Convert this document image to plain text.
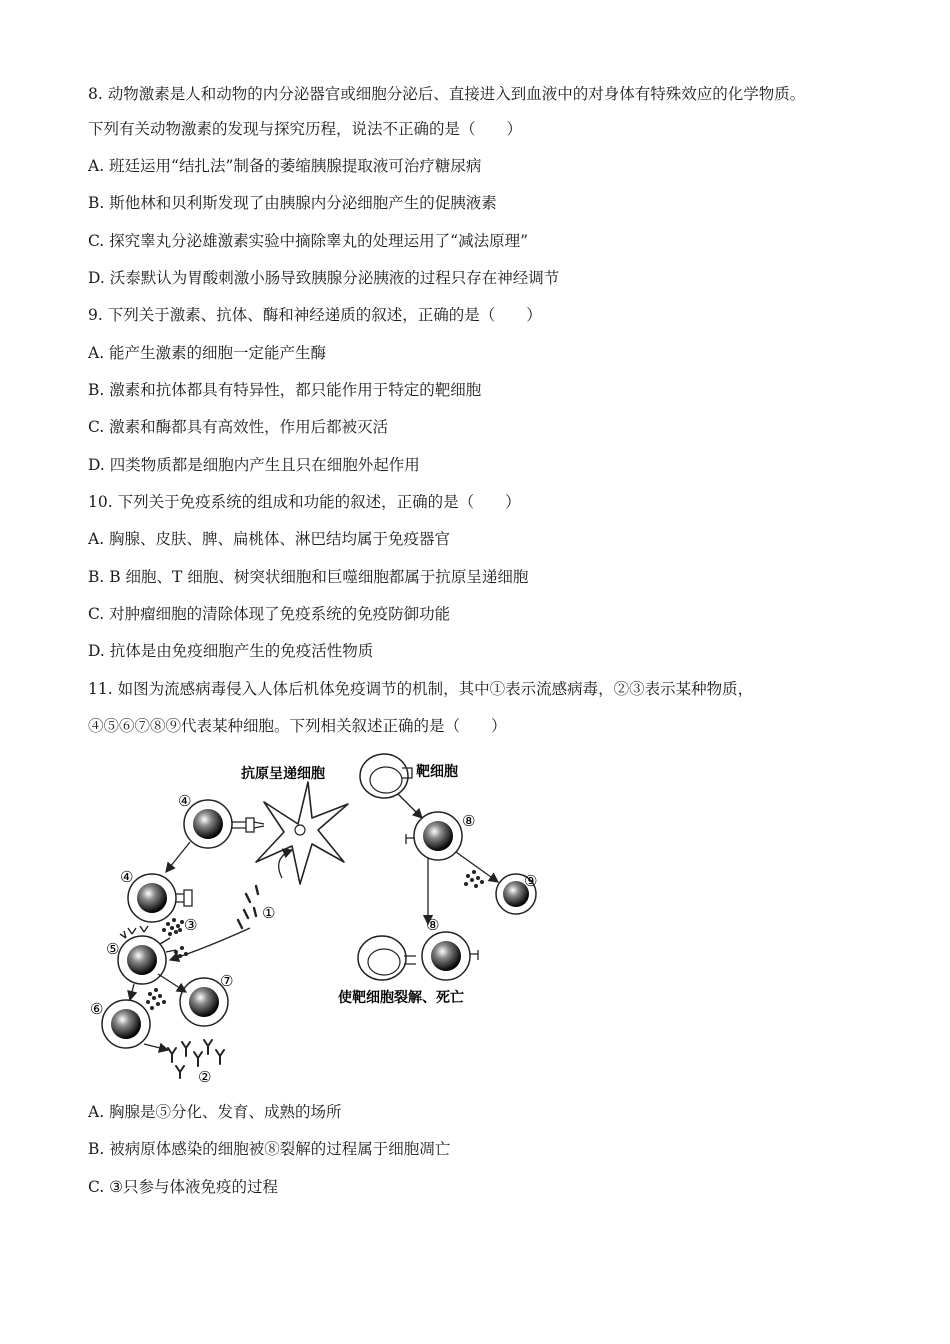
8. 动物激素是人和动物的内分泌器官或细胞分泌后、直接进入到血液中的对身体有特殊效应的化学物质。
下列有关动物激素的发现与探究历程，说法不正确的是（　　）
A. 班廷运用“结扎法”制备的萎缩胰腺提取液可治疗糖尿病
B. 斯他林和贝利斯发现了由胰腺内分泌细胞产生的促胰液素
C. 探究睾丸分泌雄激素实验中摘除睾丸的处理运用了“减法原理”
D. 沃泰默认为胃酸刺激小肠导致胰腺分泌胰液的过程只存在神经调节
9. 下列关于激素、抗体、酶和神经递质的叙述，正确的是（　　）
A. 能产生激素的细胞一定能产生酶
B. 激素和抗体都具有特异性，都只能作用于特定的靶细胞
C. 激素和酶都具有高效性，作用后都被灭活
D. 四类物质都是细胞内产生且只在细胞外起作用
10. 下列关于免疫系统的组成和功能的叙述，正确的是（　　）
A. 胸腺、皮肤、脾、扁桃体、淋巴结均属于免疫器官
B. B 细胞、T 细胞、树突状细胞和巨噬细胞都属于抗原呈递细胞
C. 对肿瘤细胞的清除体现了免疫系统的免疫防御功能
D. 抗体是由免疫细胞产生的免疫活性物质
11. 如图为流感病毒侵入人体后机体免疫调节的机制，其中①表示流感病毒，②③表示某种物质，
④⑤⑥⑦⑧⑨代表某种细胞。下列相关叙述正确的是（　　）
抗原呈递细胞
④
④
③
①
⑤
⑦
⑥
②
靶细胞
⑧
⑨
⑧
使靶细胞裂解、死亡
A. 胸腺是⑤分化、发育、成熟的场所
B. 被病原体感染的细胞被⑧裂解的过程属于细胞凋亡
C. ③只参与体液免疫的过程
